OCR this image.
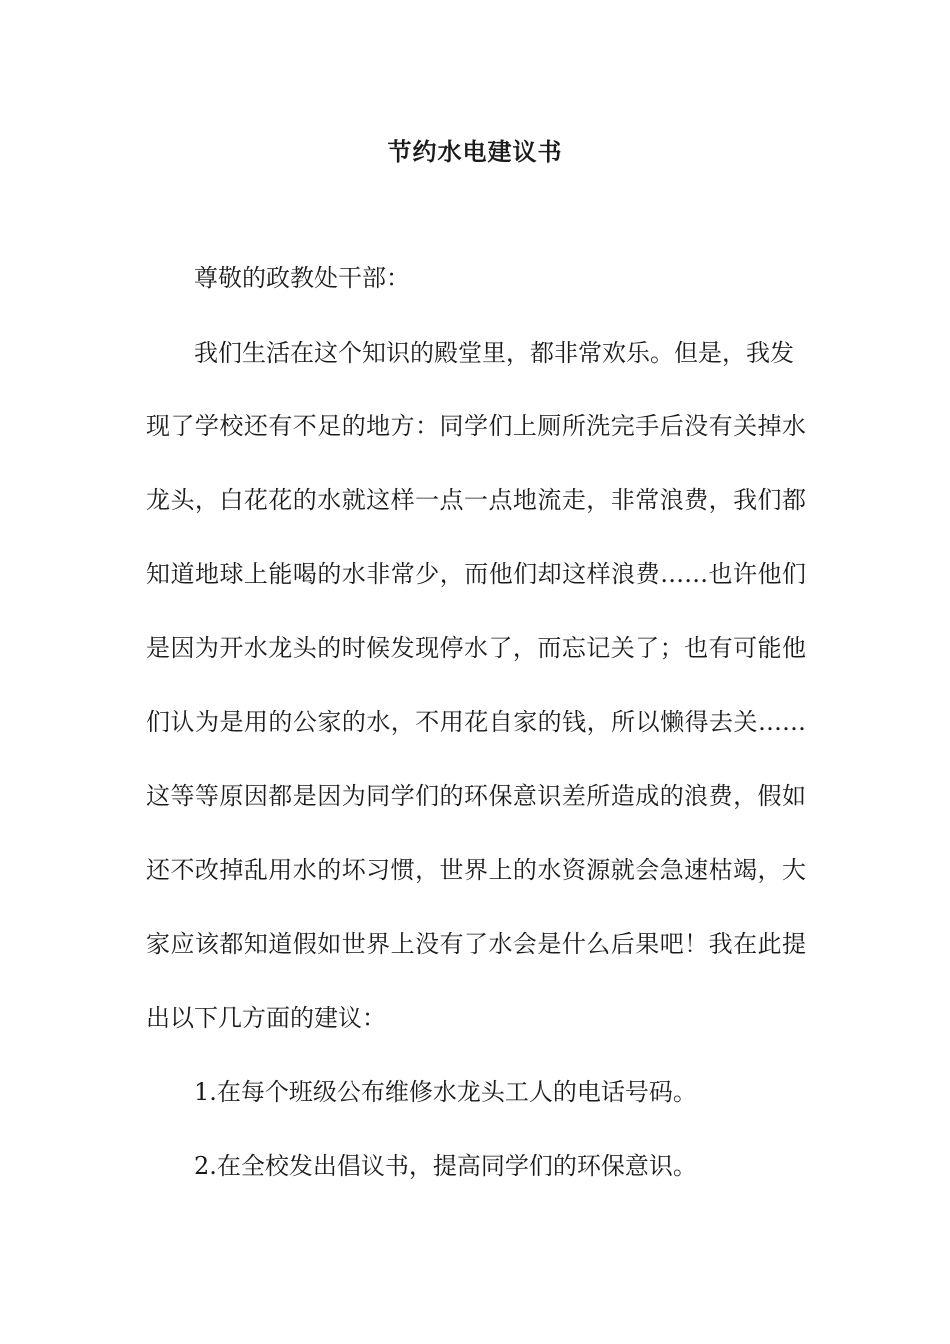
节约水电建议书
尊敬的政教处干部：
我们生活在这个知识的殿堂里，都非常欢乐。但是，我发
现了学校还有不足的地方：同学们上厕所洗完手后没有关掉水
龙头，白花花的水就这样一点一点地流走，非常浪费，我们都
知道地球上能喝的水非常少，而他们却这样浪费……也许他们
是因为开水龙头的时候发现停水了，而忘记关了；也有可能他
们认为是用的公家的水，不用花自家的钱，所以懒得去关……
这等等原因都是因为同学们的环保意识差所造成的浪费，假如
还不改掉乱用水的坏习惯，世界上的水资源就会急速枯竭，大
家应该都知道假如世界上没有了水会是什么后果吧！我在此提
出以下几方面的建议：
1.在每个班级公布维修水龙头工人的电话号码。
2.在全校发出倡议书，提高同学们的环保意识。
